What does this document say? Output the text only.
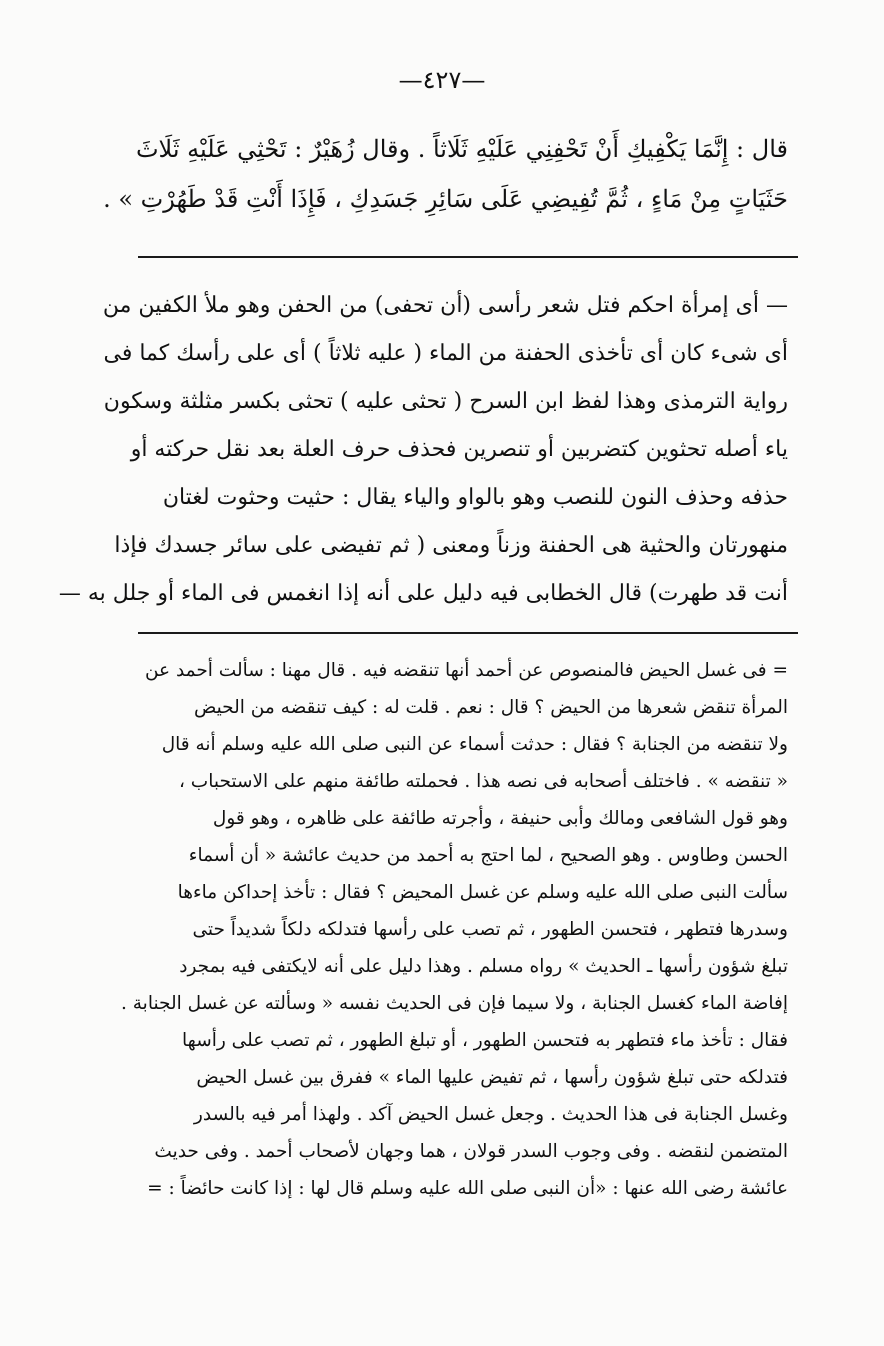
—٤٢٧—
قال : إِنَّمَا يَكْفِيكِ أَنْ تَحْفِنِي عَلَيْهِ ثَلَاثاً . وقال زُهَيْرٌ : تَحْثِي عَلَيْهِ ثَلَاثَ
حَثَيَاتٍ مِنْ مَاءٍ ، ثُمَّ تُفِيضِي عَلَى سَائِرِ جَسَدِكِ ، فَإِذَا أَنْتِ قَدْ طَهُرْتِ » .
— أى إمرأة احكم فتل شعر رأسى (أن تحفى) من الحفن وهو ملأ الكفين من
أى شىء كان أى تأخذى الحفنة من الماء ( عليه ثلاثاً ) أى على رأسك كما فى
رواية الترمذى وهذا لفظ ابن السرح ( تحثى عليه ) تحثى بكسر مثلثة وسكون
ياء أصله تحثوين كتضربين أو تنصرين فحذف حرف العلة بعد نقل حركته أو
حذفه وحذف النون للنصب وهو بالواو والياء يقال : حثيت وحثوت لغتان
منهورتان والحثية هى الحفنة وزناً ومعنى ( ثم تفيضى على سائر جسدك فإذا
أنت قد طهرت) قال الخطابى فيه دليل على أنه إذا انغمس فى الماء أو جلل به —
= فى غسل الحيض فالمنصوص عن أحمد أنها تنقضه فيه . قال مهنا : سألت أحمد عن
المرأة تنقض شعرها من الحيض ؟ قال : نعم . قلت له : كيف تنقضه من الحيض
ولا تنقضه من الجنابة ؟ فقال : حدثت أسماء عن النبى صلى الله عليه وسلم أنه قال
« تنقضه » . فاختلف أصحابه فى نصه هذا . فحملته طائفة منهم على الاستحباب ،
وهو قول الشافعى ومالك وأبى حنيفة ، وأجرته طائفة على ظاهره ، وهو قول
الحسن وطاوس . وهو الصحيح ، لما احتج به أحمد من حديث عائشة « أن أسماء
سألت النبى صلى الله عليه وسلم عن غسل المحيض ؟ فقال : تأخذ إحداكن ماءها
وسدرها فتطهر ، فتحسن الطهور ، ثم تصب على رأسها فتدلكه دلكاً شديداً حتى
تبلغ شؤون رأسها ـ الحديث » رواه مسلم . وهذا دليل على أنه لايكتفى فيه بمجرد
إفاضة الماء كغسل الجنابة ، ولا سيما فإن فى الحديث نفسه « وسألته عن غسل الجنابة .
فقال : تأخذ ماء فتطهر به فتحسن الطهور ، أو تبلغ الطهور ، ثم تصب على رأسها
فتدلكه حتى تبلغ شؤون رأسها ، ثم تفيض عليها الماء » ففرق بين غسل الحيض
وغسل الجنابة فى هذا الحديث . وجعل غسل الحيض آكد . ولهذا أمر فيه بالسدر
المتضمن لنقضه . وفى وجوب السدر قولان ، هما وجهان لأصحاب أحمد . وفى حديث
عائشة رضى الله عنها : «أن النبى صلى الله عليه وسلم قال لها : إذا كانت حائضاً : =
